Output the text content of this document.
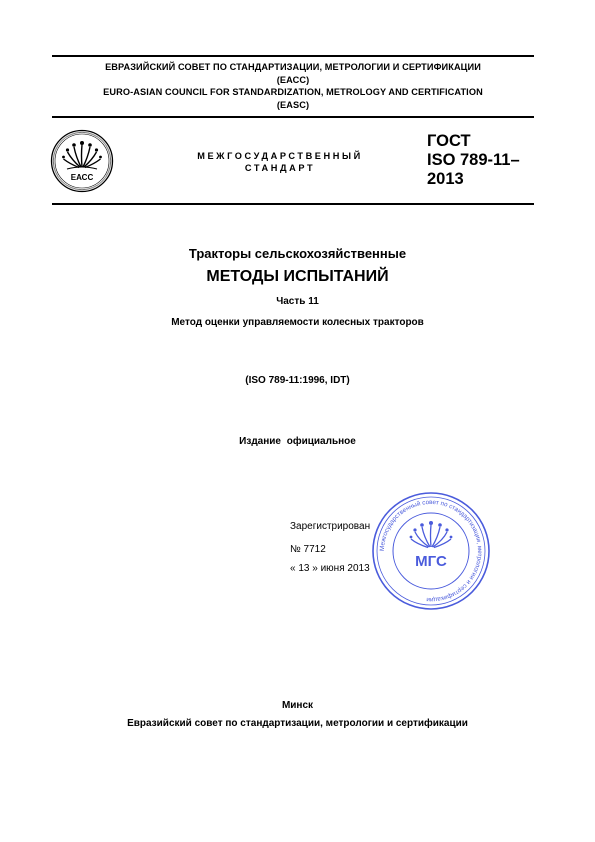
ЕВРАЗИЙСКИЙ СОВЕТ ПО СТАНДАРТИЗАЦИИ, МЕТРОЛОГИИ И СЕРТИФИКАЦИИ
(ЕАСС)
EURO-ASIAN COUNCIL FOR STANDARDIZATION, METROLOGY AND CERTIFICATION
(EASC)
ЕАСС
МЕЖГОСУДАРСТВЕННЫЙ
СТАНДАРТ
ГОСТ
ISO 789-11–
2013
Тракторы сельскохозяйственные
МЕТОДЫ ИСПЫТАНИЙ
Часть 11
Метод оценки управляемости колесных тракторов
(ISO 789-11:1996, IDT)
Издание официальное
Зарегистрирован
№ 7712
« 13 » июня 2013
Межгосударственный совет по стандартизации, метрологии и сертификации
МГС
Минск
Евразийский совет по стандартизации, метрологии и сертификации
